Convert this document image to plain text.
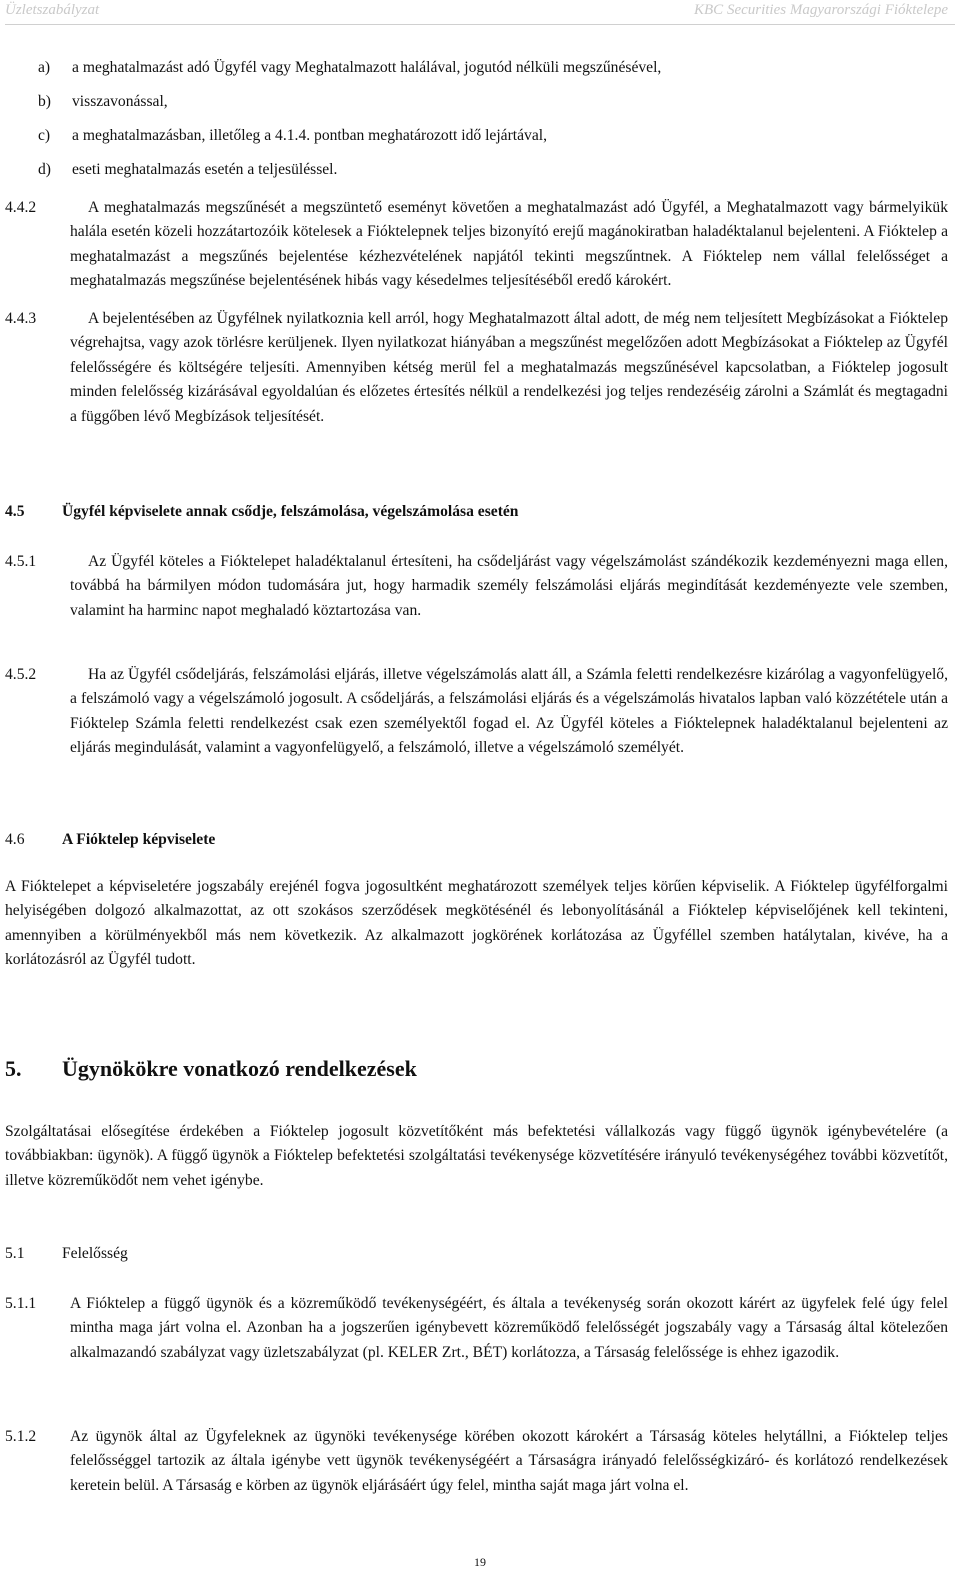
Üzletszabályzat	KBC Securities Magyarországi Fióktelepe
a) a meghatalmazást adó Ügyfél vagy Meghatalmazott halálával, jogutód nélküli megszűnésével,
b) visszavonással,
c) a meghatalmazásban, illetőleg a 4.1.4. pontban meghatározott idő lejártával,
d) eseti meghatalmazás esetén a teljesüléssel.
4.4.2	A meghatalmazás megszűnését a megszüntető eseményt követően a meghatalmazást adó Ügyfél, a Meghatalmazott vagy bármelyikük halála esetén közeli hozzátartozóik kötelesek a Fióktelepnek teljes bizonyító erejű magánokiratban haladéktalanul bejelenteni. A Fióktelep a meghatalmazást a megszűnés bejelentése kézhezvételének napjától tekinti megszűntnek. A Fióktelep nem vállal felelősséget a meghatalmazás megszűnése bejelentésének hibás vagy késedelmes teljesítéséből eredő károkért.
4.4.3	A bejelentésében az Ügyfélnek nyilatkoznia kell arról, hogy Meghatalmazott által adott, de még nem teljesített Megbízásokat a Fióktelep végrehajtsa, vagy azok törlésre kerüljenek. Ilyen nyilatkozat hiányában a megszűnést megelőzően adott Megbízásokat a Fióktelep az Ügyfél felelősségére és költségére teljesíti. Amennyiben kétség merül fel a meghatalmazás megszűnésével kapcsolatban, a Fióktelep jogosult minden felelősség kizárásával egyoldalúan és előzetes értesítés nélkül a rendelkezési jog teljes rendezéséig zárolni a Számlát és megtagadni a függőben lévő Megbízások teljesítését.
4.5 Ügyfél képviselete annak csődje, felszámolása, végelszámolása esetén
4.5.1	Az Ügyfél köteles a Fióktelepet haladéktalanul értesíteni, ha csődeljárást vagy végelszámolást szándékozik kezdeményezni maga ellen, továbbá ha bármilyen módon tudomására jut, hogy harmadik személy felszámolási eljárás megindítását kezdeményezte vele szemben, valamint ha harminc napot meghaladó köztartozása van.
4.5.2	Ha az Ügyfél csődeljárás, felszámolási eljárás, illetve végelszámolás alatt áll, a Számla feletti rendelkezésre kizárólag a vagyonfelügyelő, a felszámoló vagy a végelszámoló jogosult. A csődeljárás, a felszámolási eljárás és a végelszámolás hivatalos lapban való közzététele után a Fióktelep Számla feletti rendelkezést csak ezen személyektől fogad el. Az Ügyfél köteles a Fióktelepnek haladéktalanul bejelenteni az eljárás megindulását, valamint a vagyonfelügyelő, a felszámoló, illetve a végelszámoló személyét.
4.6 A Fióktelep képviselete
A Fióktelepet a képviseletére jogszabály erejénél fogva jogosultként meghatározott személyek teljes körűen képviselik. A Fióktelep ügyfélforgalmi helyiségében dolgozó alkalmazottat, az ott szokásos szerződések megkötésénél és lebonyolításánál a Fióktelep képviselőjének kell tekinteni, amennyiben a körülményekből más nem következik. Az alkalmazott jogkörének korlátozása az Ügyféllel szemben hatálytalan, kivéve, ha a korlátozásról az Ügyfél tudott.
5. Ügynökökre vonatkozó rendelkezések
Szolgáltatásai elősegítése érdekében a Fióktelep jogosult közvetítőként más befektetési vállalkozás vagy függő ügynök igénybevételére (a továbbiakban: ügynök). A függő ügynök a Fióktelep befektetési szolgáltatási tevékenysége közvetítésére irányuló tevékenységéhez további közvetítőt, illetve közreműködőt nem vehet igénybe.
5.1 Felelősség
5.1.1 A Fióktelep a függő ügynök és a közreműködő tevékenységéért, és általa a tevékenység során okozott kárért az ügyfelek felé úgy felel mintha maga járt volna el. Azonban ha a jogszerűen igénybevett közreműködő felelősségét jogszabály vagy a Társaság által kötelezően alkalmazandó szabályzat vagy üzletszabályzat (pl. KELER Zrt., BÉT) korlátozza, a Társaság felelőssége is ehhez igazodik.
5.1.2 Az ügynök által az Ügyfeleknek az ügynöki tevékenysége körében okozott károkért a Társaság köteles helytállni, a Fióktelep teljes felelősséggel tartozik az általa igénybe vett ügynök tevékenységéért a Társaságra irányadó felelősségkizáró- és korlátozó rendelkezések keretein belül. A Társaság e körben az ügynök eljárásáért úgy felel, mintha saját maga járt volna el.
19
